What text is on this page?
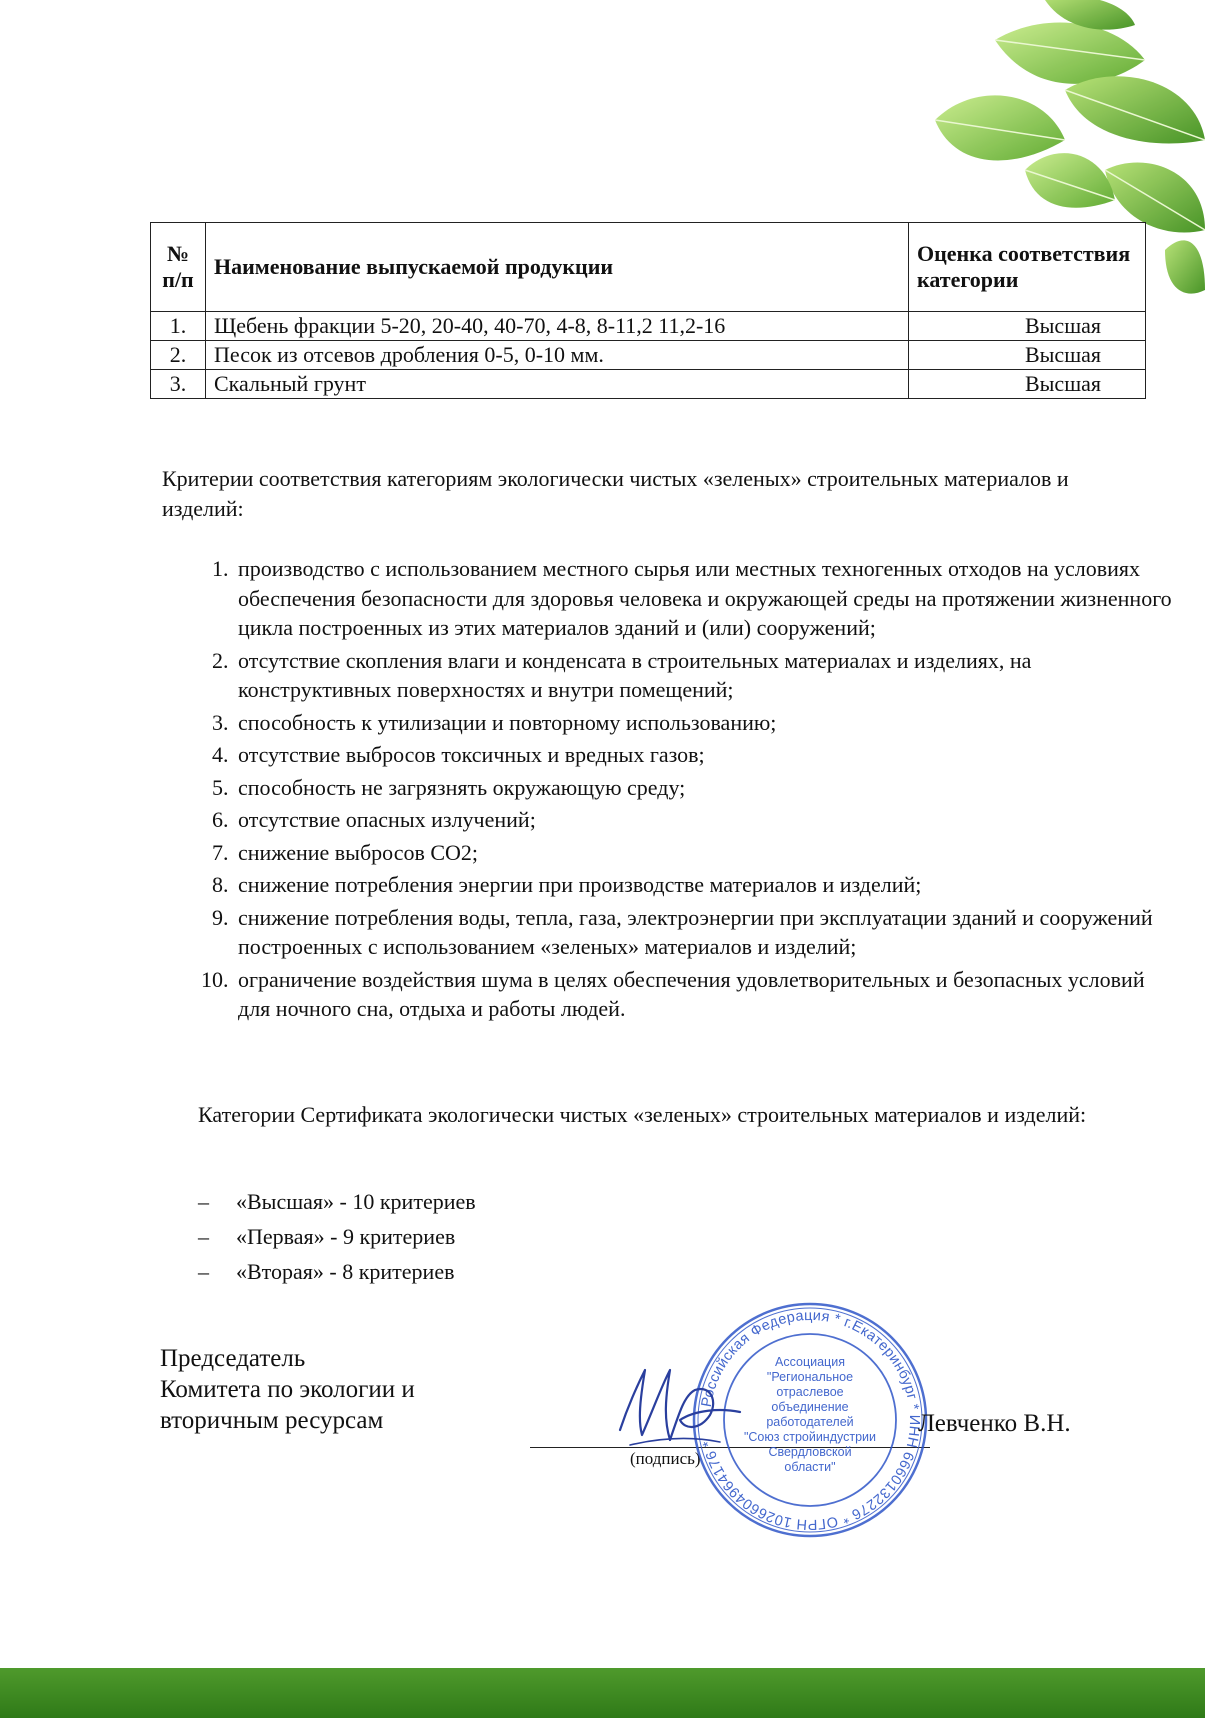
№ п/п	Наименование выпускаемой продукции	Оценка соответствия категории
1.	Щебень фракции 5-20, 20-40, 40-70, 4-8, 8-11,2 11,2-16	Высшая
2.	Песок из отсевов дробления 0-5, 0-10 мм.	Высшая
3.	Скальный грунт	Высшая
Критерии соответствия категориям экологически чистых «зеленых» строительных материалов и изделий:
1. производство с использованием местного сырья или местных техногенных отходов на условиях обеспечения безопасности для здоровья человека и окружающей среды на протяжении жизненного цикла построенных из этих материалов зданий и (или) сооружений;
2. отсутствие скопления влаги и конденсата в строительных материалах и изделиях, на конструктивных поверхностях и внутри помещений;
3. способность к утилизации и повторному использованию;
4. отсутствие выбросов токсичных и вредных газов;
5. способность не загрязнять окружающую среду;
6. отсутствие опасных излучений;
7. снижение выбросов СО2;
8. снижение потребления энергии при производстве материалов и изделий;
9. снижение потребления воды, тепла, газа, электроэнергии при эксплуатации зданий и сооружений построенных с использованием «зеленых» материалов и изделий;
10. ограничение воздействия шума в целях обеспечения удовлетворительных и безопасных условий для ночного сна, отдыха и работы людей.
Категории Сертификата экологически чистых «зеленых» строительных материалов и изделий:
– «Высшая» - 10 критериев
– «Первая» - 9 критериев
– «Вторая» - 8 критериев
Председатель
Комитета по экологии и
вторичным ресурсам
(подпись)
Российская Федерация * г.Екатеринбург * ИНН 6660132276 * ОГРН 1026604964176 *
Ассоциация
"Региональное
отраслевое
объединение
работодателей
"Союз стройиндустрии
Свердловской
области"
Левченко В.Н.
